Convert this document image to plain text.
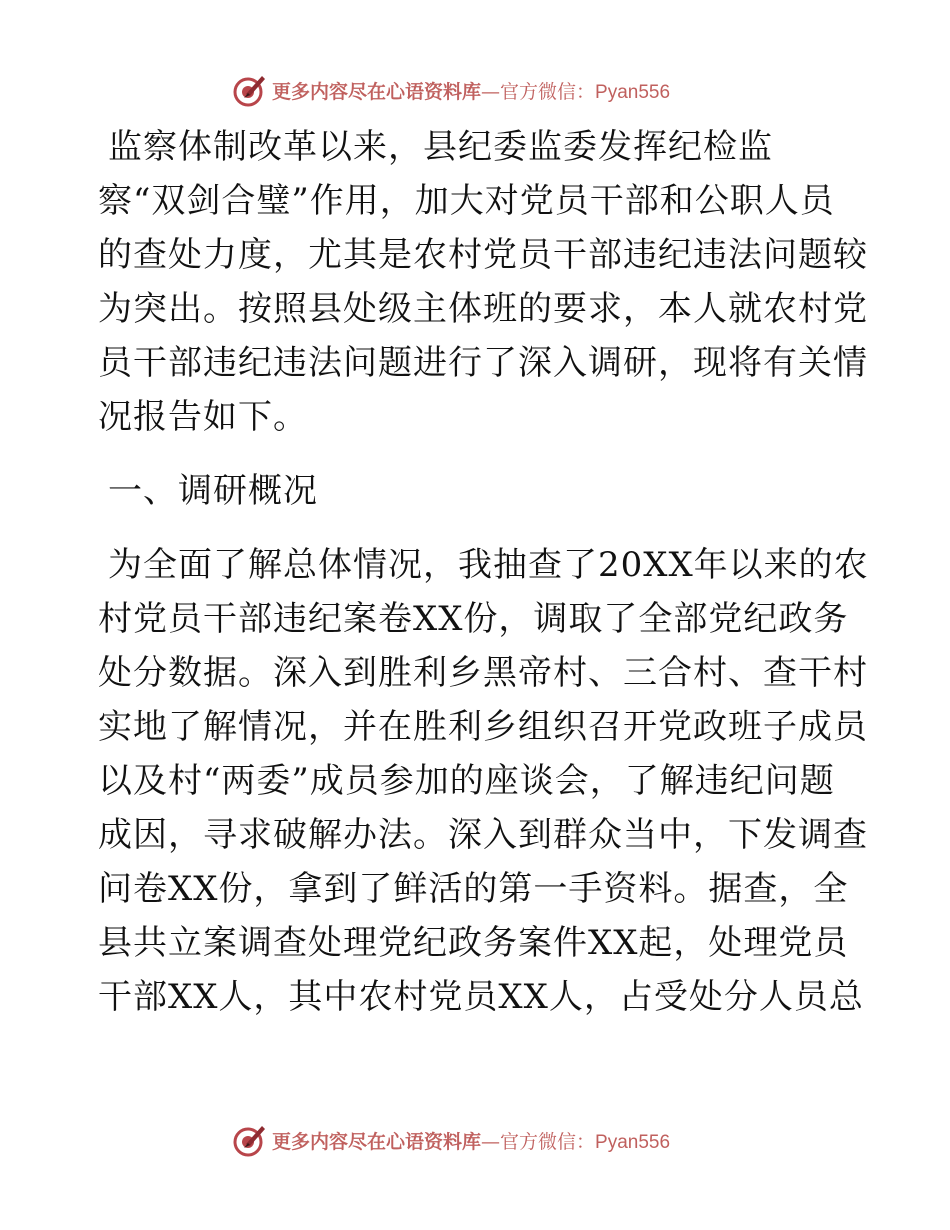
更多内容尽在心语资料库—官方微信：Pyan556
监察体制改革以来，县纪委监委发挥纪检监
察“双剑合璧”作用，加大对党员干部和公职人员
的查处力度，尤其是农村党员干部违纪违法问题较
为突出。按照县处级主体班的要求，本人就农村党
员干部违纪违法问题进行了深入调研，现将有关情
况报告如下。
一、调研概况
为全面了解总体情况，我抽查了20XX年以来的农
村党员干部违纪案卷XX份，调取了全部党纪政务
处分数据。深入到胜利乡黑帝村、三合村、查干村
实地了解情况，并在胜利乡组织召开党政班子成员
以及村“两委”成员参加的座谈会，了解违纪问题
成因，寻求破解办法。深入到群众当中，下发调查
问卷XX份，拿到了鲜活的第一手资料。据查，全
县共立案调查处理党纪政务案件XX起，处理党员
干部XX人，其中农村党员XX人，占受处分人员总
更多内容尽在心语资料库—官方微信：Pyan556
